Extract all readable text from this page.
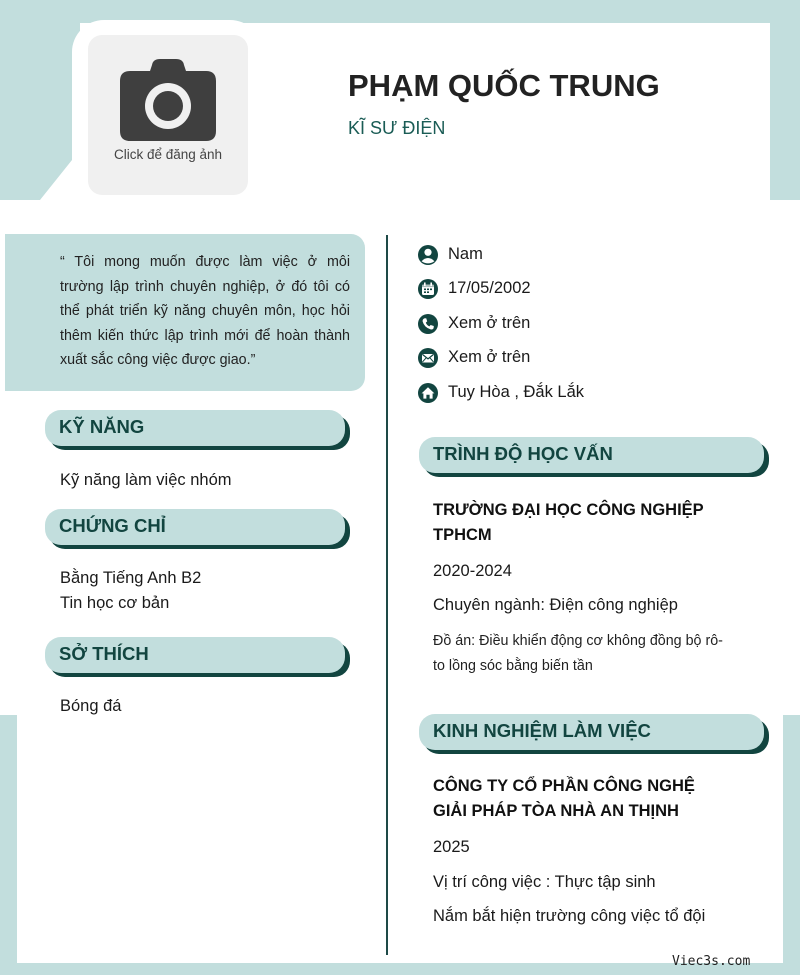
Click để đăng ảnh
PHẠM QUỐC TRUNG
KĨ SƯ ĐIỆN
“ Tôi mong muốn được làm việc ở môi trường lập trình chuyên nghiệp, ở đó tôi có thể phát triển kỹ năng chuyên môn, học hỏi thêm kiến thức lập trình mới để hoàn thành xuất sắc công việc được giao.”
KỸ NĂNG
Kỹ năng làm việc nhóm
CHỨNG CHỈ
Bằng Tiếng Anh B2
Tin học cơ bản
SỞ THÍCH
Bóng đá
Nam
17/05/2002
Xem ở trên
Xem ở trên
Tuy Hòa , Đắk Lắk
TRÌNH ĐỘ HỌC VẤN
TRƯỜNG ĐẠI HỌC CÔNG NGHIỆP TPHCM
2020-2024
Chuyên ngành: Điện công nghiệp
Đồ án: Điều khiển động cơ không đồng bộ rô-to lồng sóc bằng biến tần
KINH NGHIỆM LÀM VIỆC
CÔNG TY CỔ PHẦN CÔNG NGHỆ GIẢI PHÁP TÒA NHÀ AN THỊNH
2025
Vị trí công việc : Thực tập sinh
Nắm bắt hiện trường công việc tổ đội
Viec3s.com
